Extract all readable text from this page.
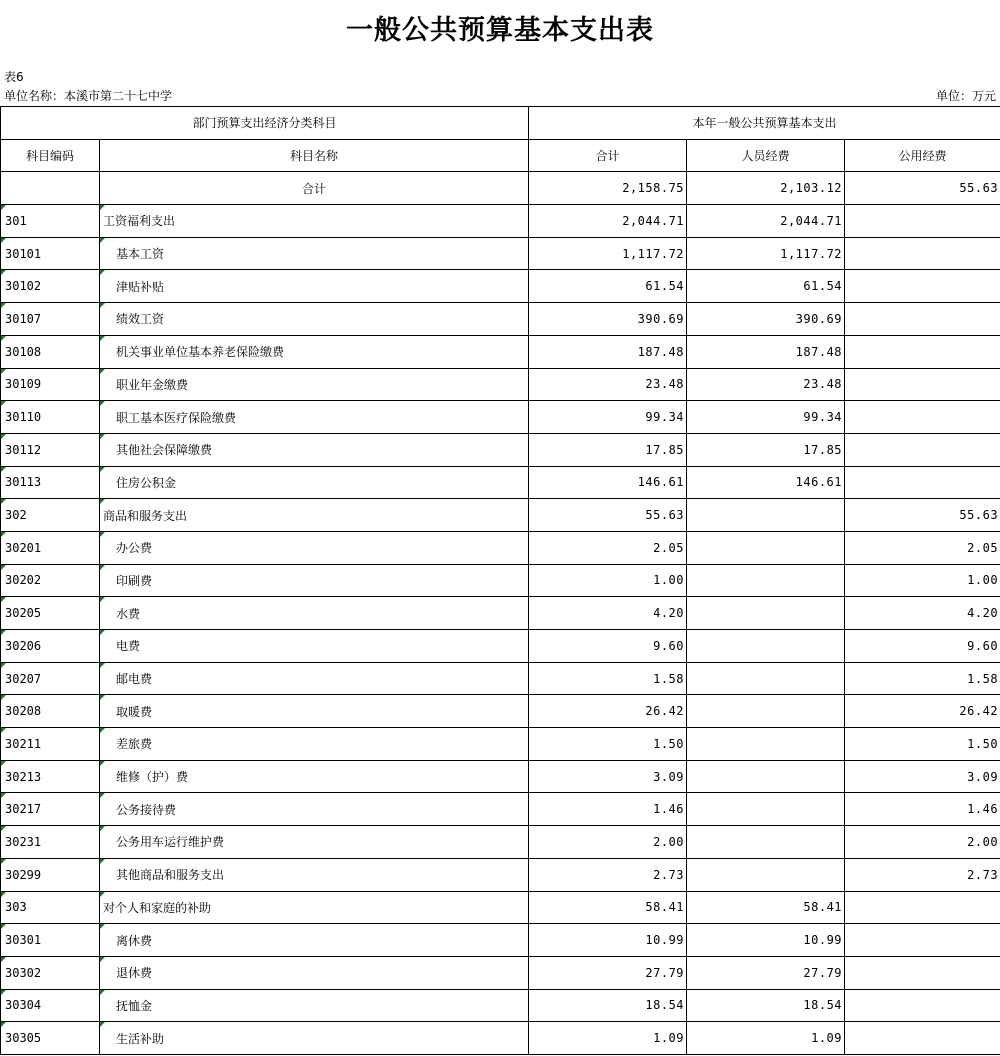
一般公共预算基本支出表
表6
单位名称：本溪市第二十七中学	单位：万元
部门预算支出经济分类科目		本年一般公共预算基本支出		
科目编码	科目名称	合计	人员经费	公用经费
	合计	2,158.75	2,103.12	55.63

301	工资福利支出	2,044.71	2,044.71	

30101	基本工资	1,117.72	1,117.72	

30102	津贴补贴	61.54	61.54	

30107	绩效工资	390.69	390.69	

30108	机关事业单位基本养老保险缴费	187.48	187.48	

30109	职业年金缴费	23.48	23.48	

30110	职工基本医疗保险缴费	99.34	99.34	

30112	其他社会保障缴费	17.85	17.85	

30113	住房公积金	146.61	146.61	

302	商品和服务支出	55.63		55.63

30201	办公费	2.05		2.05

30202	印刷费	1.00		1.00

30205	水费	4.20		4.20

30206	电费	9.60		9.60

30207	邮电费	1.58		1.58

30208	取暖费	26.42		26.42

30211	差旅费	1.50		1.50

30213	维修（护）费	3.09		3.09

30217	公务接待费	1.46		1.46

30231	公务用车运行维护费	2.00		2.00

30299	其他商品和服务支出	2.73		2.73

303	对个人和家庭的补助	58.41	58.41	

30301	离休费	10.99	10.99	

30302	退休费	27.79	27.79	

30304	抚恤金	18.54	18.54	

30305	生活补助	1.09	1.09	
